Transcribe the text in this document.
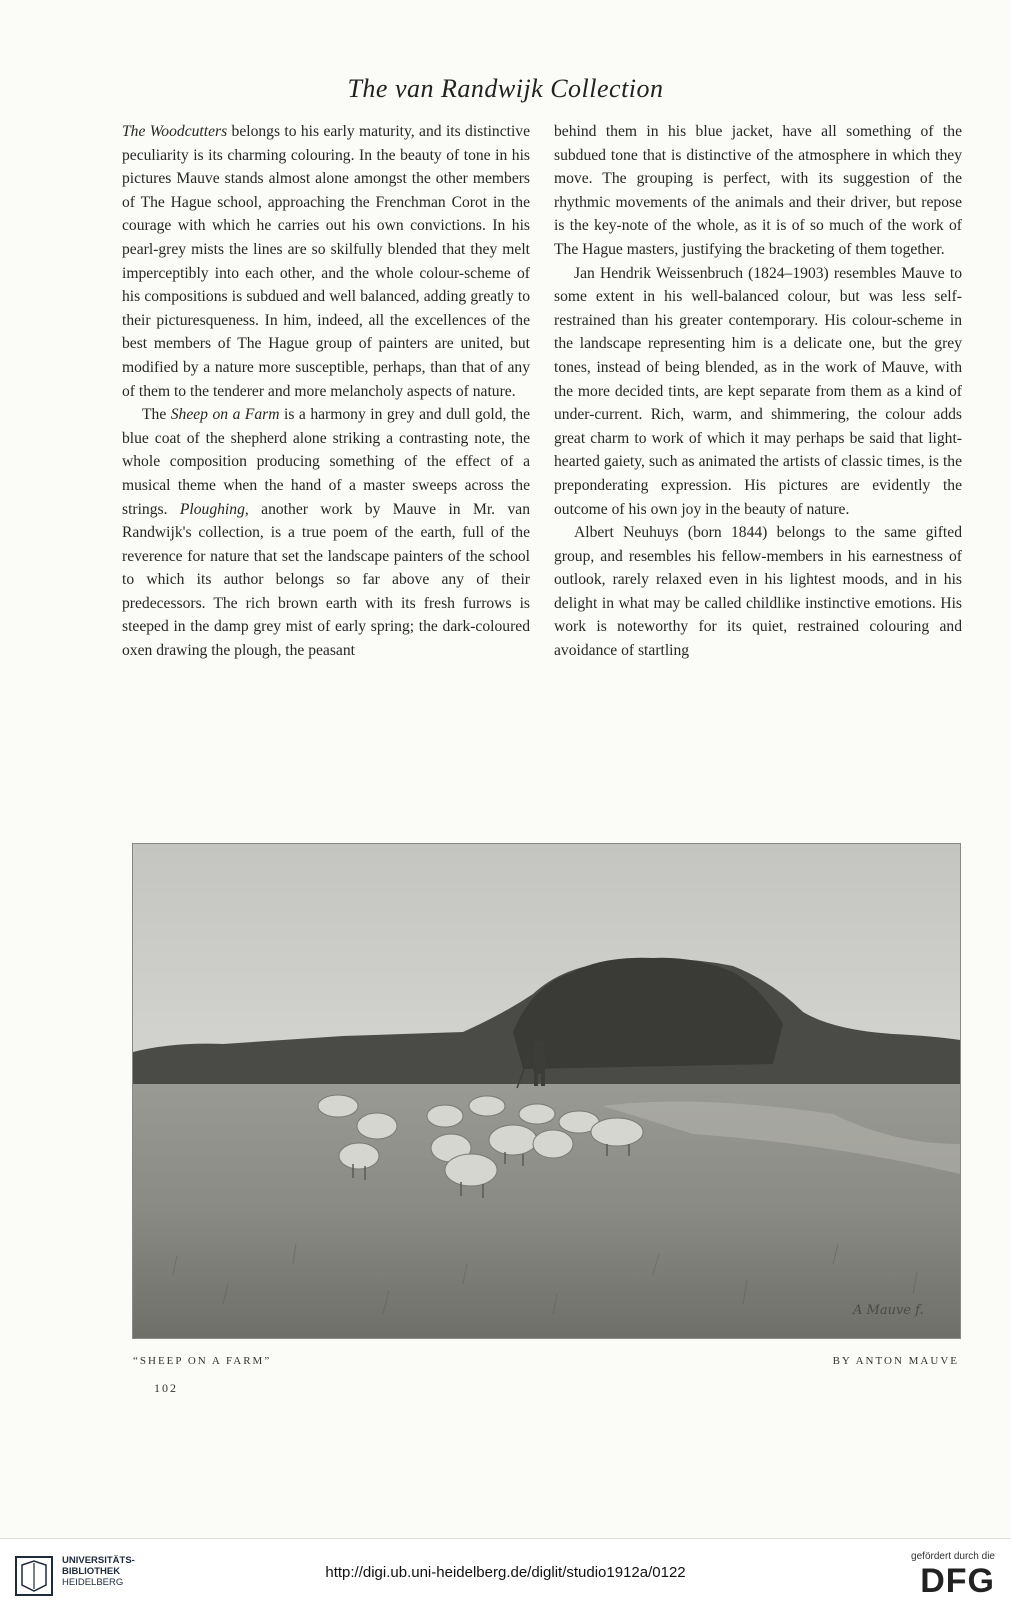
The van Randwijk Collection

The Woodcutters belongs to his early maturity, and its distinctive peculiarity is its charming colouring. In the beauty of tone in his pictures Mauve stands almost alone amongst the other members of The Hague school, approaching the Frenchman Corot in the courage with which he carries out his own convictions. In his pearl-grey mists the lines are so skilfully blended that they melt imperceptibly into each other, and the whole colour-scheme of his compositions is subdued and well balanced, adding greatly to their picturesqueness. In him, indeed, all the excellences of the best members of The Hague group of painters are united, but modified by a nature more susceptible, perhaps, than that of any of them to the tenderer and more melancholy aspects of nature.

The Sheep on a Farm is a harmony in grey and dull gold, the blue coat of the shepherd alone striking a contrasting note, the whole composition producing something of the effect of a musical theme when the hand of a master sweeps across the strings. Ploughing, another work by Mauve in Mr. van Randwijk's collection, is a true poem of the earth, full of the reverence for nature that set the landscape painters of the school to which its author belongs so far above any of their predecessors. The rich brown earth with its fresh furrows is steeped in the damp grey mist of early spring; the dark-coloured oxen drawing the plough, the peasant

behind them in his blue jacket, have all something of the subdued tone that is distinctive of the atmosphere in which they move. The grouping is perfect, with its suggestion of the rhythmic movements of the animals and their driver, but repose is the key-note of the whole, as it is of so much of the work of The Hague masters, justifying the bracketing of them together.

Jan Hendrik Weissenbruch (1824–1903) resembles Mauve to some extent in his well-balanced colour, but was less self-restrained than his greater contemporary. His colour-scheme in the landscape representing him is a delicate one, but the grey tones, instead of being blended, as in the work of Mauve, with the more decided tints, are kept separate from them as a kind of under-current. Rich, warm, and shimmering, the colour adds great charm to work of which it may perhaps be said that light-hearted gaiety, such as animated the artists of classic times, is the preponderating expression. His pictures are evidently the outcome of his own joy in the beauty of nature.

Albert Neuhuys (born 1844) belongs to the same gifted group, and resembles his fellow-members in his earnestness of outlook, rarely relaxed even in his lightest moods, and in his delight in what may be called childlike instinctive emotions. His work is noteworthy for its quiet, restrained colouring and avoidance of startling

A Mauve f.
“SHEEP ON A FARM”	BY ANTON MAUVE
102
UNIVERSITÄTS-
BIBLIOTHEK
HEIDELBERG
http://digi.ub.uni-heidelberg.de/diglit/studio1912a/0122
gefördert durch die
DFG
